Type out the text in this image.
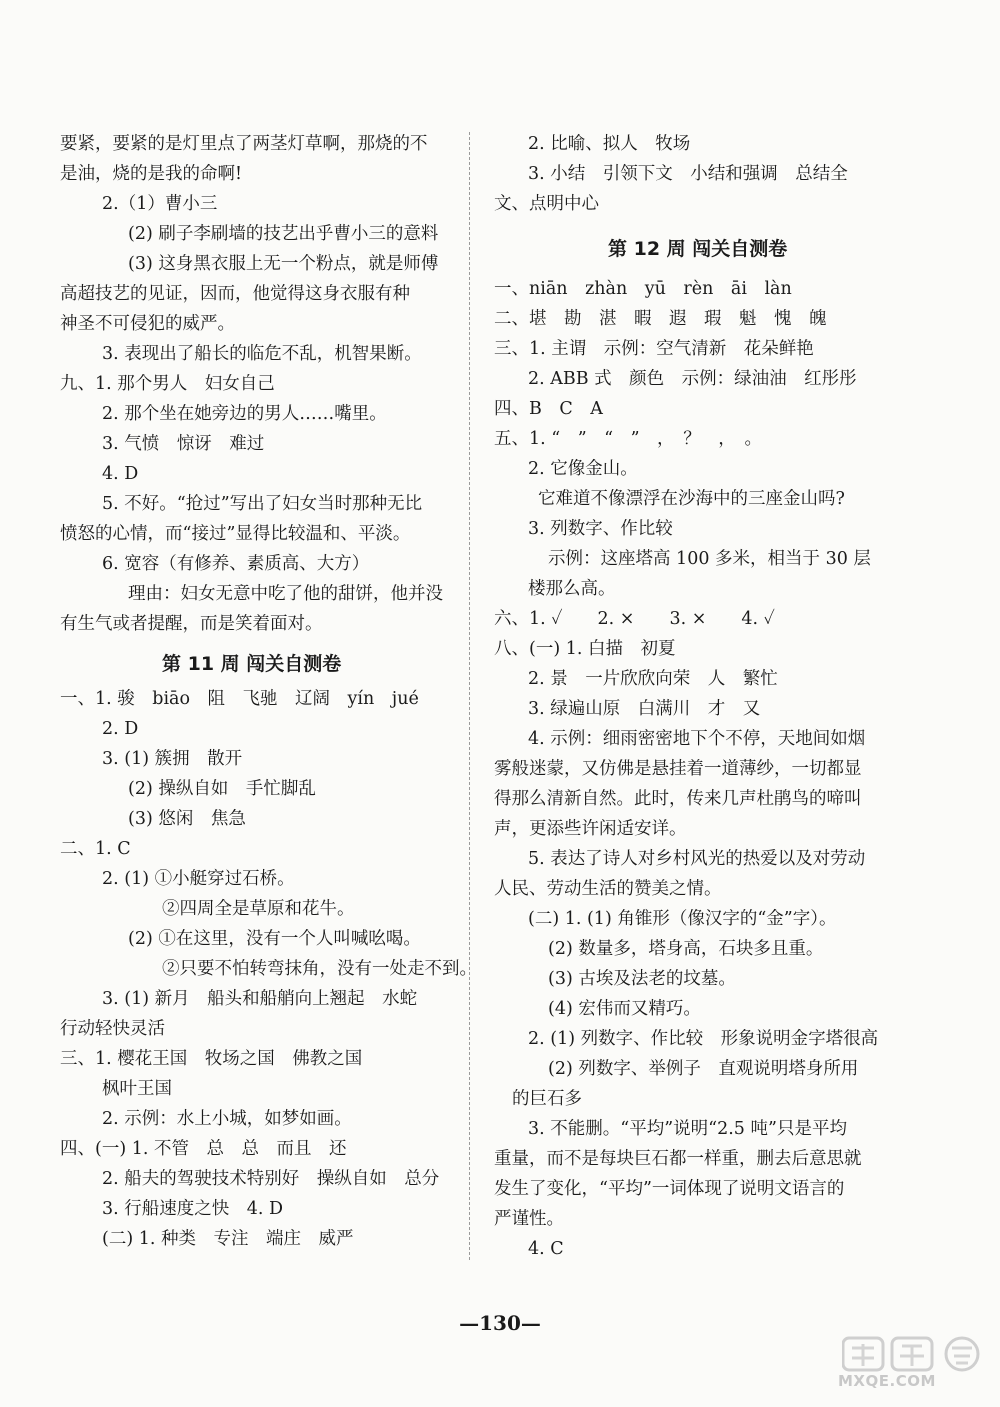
要紧，要紧的是灯里点了两茎灯草啊，那烧的不
是油，烧的是我的命啊!
2.（1）曹小三
(2) 刷子李刷墙的技艺出乎曹小三的意料
(3) 这身黑衣服上无一个粉点，就是师傅
高超技艺的见证，因而，他觉得这身衣服有种
神圣不可侵犯的威严。
3. 表现出了船长的临危不乱，机智果断。
九、1. 那个男人　妇女自己
2. 那个坐在她旁边的男人……嘴里。
3. 气愤　惊讶　难过
4. D
5. 不好。“抢过”写出了妇女当时那种无比
愤怒的心情，而“接过”显得比较温和、平淡。
6. 宽容（有修养、素质高、大方）
理由：妇女无意中吃了他的甜饼，他并没
有生气或者提醒，而是笑着面对。
第 11 周 闯关自测卷
一、1. 骏　biāo　阻　飞驰　辽阔　yín　jué
2. D
3. (1) 簇拥　散开
(2) 操纵自如　手忙脚乱
(3) 悠闲　焦急
二、1. C
2. (1) ①小艇穿过石桥。
②四周全是草原和花牛。
(2) ①在这里，没有一个人叫喊吆喝。
②只要不怕转弯抹角，没有一处走不到。
3. (1) 新月　船头和船艄向上翘起　水蛇
行动轻快灵活
三、1. 樱花王国　牧场之国　佛教之国
枫叶王国
2. 示例：水上小城，如梦如画。
四、(一) 1. 不管　总　总　而且　还
2. 船夫的驾驶技术特别好　操纵自如　总分
3. 行船速度之快　4. D
(二) 1. 种类　专注　端庄　威严
2. 比喻、拟人　牧场
3. 小结　引领下文　小结和强调　总结全
文、点明中心
第 12 周 闯关自测卷
一、niān　zhàn　yū　rèn　āi　làn
二、堪　勘　湛　暇　遐　瑕　魁　愧　魄
三、1. 主谓　示例：空气清新　花朵鲜艳
2. ABB 式　颜色　示例：绿油油　红彤彤
四、B　C　A
五、1. “　”　“　”　，　？　，　。
2. 它像金山。
它难道不像漂浮在沙海中的三座金山吗?
3. 列数字、作比较
示例：这座塔高 100 多米，相当于 30 层
楼那么高。
六、1. ✓　　2. ×　　3. ×　　4. ✓
八、(一) 1. 白描　初夏
2. 景　一片欣欣向荣　人　繁忙
3. 绿遍山原　白满川　才　又
4. 示例：细雨密密地下个不停，天地间如烟
雾般迷蒙，又仿佛是悬挂着一道薄纱，一切都显
得那么清新自然。此时，传来几声杜鹃鸟的啼叫
声，更添些许闲适安详。
5. 表达了诗人对乡村风光的热爱以及对劳动
人民、劳动生活的赞美之情。
(二) 1. (1) 角锥形（像汉字的“金”字）。
(2) 数量多，塔身高，石块多且重。
(3) 古埃及法老的坟墓。
(4) 宏伟而又精巧。
2. (1) 列数字、作比较　形象说明金字塔很高
(2) 列数字、举例子　直观说明塔身所用
的巨石多
3. 不能删。“平均”说明“2.5 吨”只是平均
重量，而不是每块巨石都一样重，删去后意思就
发生了变化，“平均”一词体现了说明文语言的
严谨性。
4. C
—130—
MXQE.COM
